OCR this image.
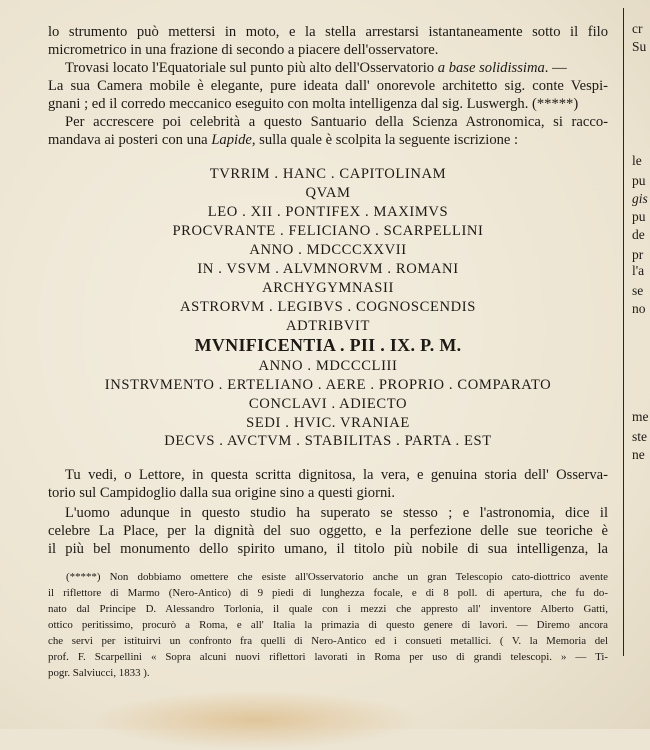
lo strumento può mettersi in moto, e la stella arrestarsi istantaneamente sotto il filo

micrometrico in una frazione di secondo a piacere dell'osservatore.

Trovasi locato l'Equatoriale sul punto più alto dell'Osservatorio a base solidissima. —

La sua Camera mobile è elegante, pure ideata dall' onorevole architetto sig. conte Vespi-

gnani ; ed il corredo meccanico eseguito con molta intelligenza dal sig. Luswergh. (*****)

Per accrescere poi celebrità a questo Santuario della Scienza Astronomica, si racco-

mandava ai posteri con una Lapide, sulla quale è scolpita la seguente iscrizione :

TVRRIM . HANC . CAPITOLINAM

QVAM

LEO . XII . PONTIFEX . MAXIMVS

PROCVRANTE . FELICIANO . SCARPELLINI

ANNO . MDCCCXXVII

IN . VSVM . ALVMNORVM . ROMANI

ARCHYGYMNASII

ASTRORVM . LEGIBVS . COGNOSCENDIS

ADTRIBVIT

MVNIFICENTIA . PII . IX. P. M.

ANNO . MDCCCLIII

INSTRVMENTO . ERTELIANO . AERE . PROPRIO . COMPARATO

CONCLAVI . ADIECTO

SEDI . HVIC. VRANIAE

DECVS . AVCTVM . STABILITAS . PARTA . EST

Tu vedi, o Lettore, in questa scritta dignitosa, la vera, e genuina storia dell' Osserva-

torio sul Campidoglio dalla sua origine sino a questi giorni.

L'uomo adunque in questo studio ha superato se stesso ; e l'astronomia, dice il

celebre La Place, per la dignità del suo oggetto, e la perfezione delle sue teoriche è

il più bel monumento dello spirito umano, il titolo più nobile di sua intelligenza, la

(*****) Non dobbiamo omettere che esiste all'Osservatorio anche un gran Telescopio cato-diottrico avente

il riflettore di Marmo (Nero-Antico) di 9 piedi di lunghezza focale, e di 8 poll. di apertura, che fu do-

nato dal Principe D. Alessandro Torlonia, il quale con i mezzi che appresto all' inventore Alberto Gatti,

ottico peritissimo, procurò a Roma, e all' Italia la primazia di questo genere di lavori. — Diremo ancora

che servi per istituirvi un confronto fra quelli di Nero-Antico ed i consueti metallici. ( V. la Memoria del

prof. F. Scarpellini « Sopra alcuni nuovi riflettori lavorati in Roma per uso di grandi telescopi. » — Ti-

pogr. Salviucci, 1833 ).

cr
Su
le
pu
gis
pu
de
pr
l'a
se
no
me
ste
ne
